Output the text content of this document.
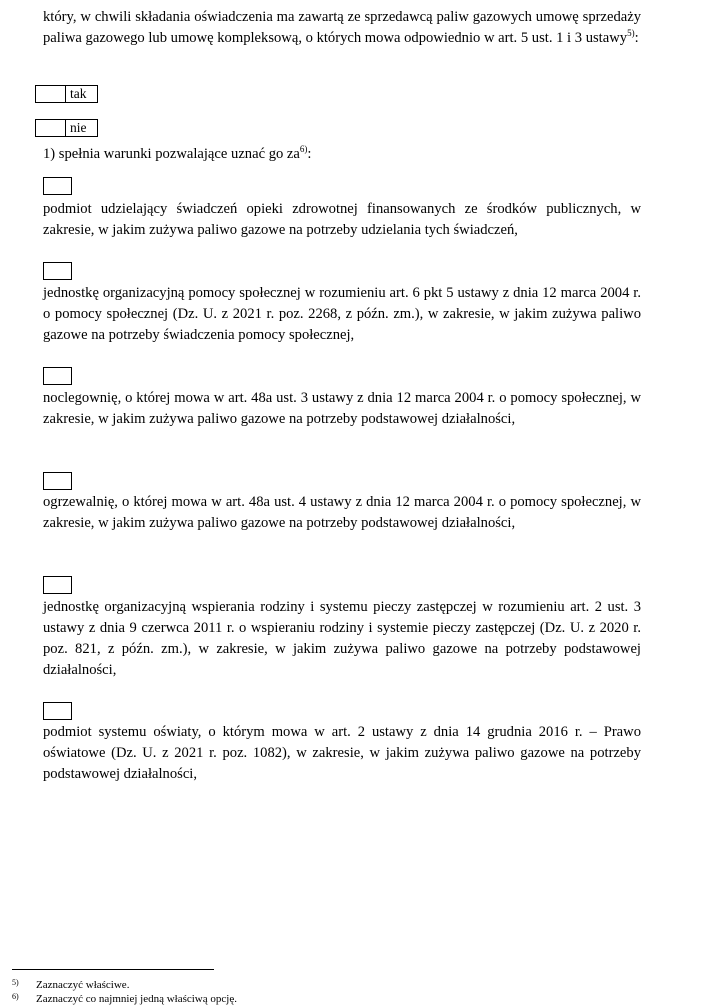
który, w chwili składania oświadczenia ma zawartą ze sprzedawcą paliw gazowych umowę sprzedaży paliwa gazowego lub umowę kompleksową, o których mowa odpowiednio w art. 5 ust. 1 i 3 ustawy$^{5)}$:
tak
nie
1) spełnia warunki pozwalające uznać go $za^{6)}$:
podmiot udzielający świadczeń opieki zdrowotnej finansowanych ze środków publicznych, w zakresie, w jakim zużywa paliwo gazowe na potrzeby udzielania tych świadczeń,
jednostkę organizacyjną pomocy społecznej w rozumieniu art. 6 pkt 5 ustawy z dnia 12 marca 2004 r. o pomocy społecznej (Dz. U. z 2021 r. poz. 2268, z późn. zm.), w zakresie, w jakim zużywa paliwo gazowe na potrzeby świadczenia pomocy społecznej,
noclegownię, o której mowa w art. 48a ust. 3 ustawy z dnia 12 marca 2004 r. o pomocy społecznej, w zakresie, w jakim zużywa paliwo gazowe na potrzeby podstawowej działalności,
ogrzewalnię, o której mowa w art. 48a ust. 4 ustawy z dnia 12 marca 2004 r. o pomocy społecznej, w zakresie, w jakim zużywa paliwo gazowe na potrzeby podstawowej działalności,
jednostkę organizacyjną wspierania rodziny i systemu pieczy zastępczej w rozumieniu art. 2 ust. 3 ustawy z dnia 9 czerwca 2011 r. o wspieraniu rodziny i systemie pieczy zastępczej (Dz. U. z 2020 r. poz. 821, z późn. zm.), w zakresie, w jakim zużywa paliwo gazowe na potrzeby podstawowej działalności,
podmiot systemu oświaty, o którym mowa w art. 2 ustawy z dnia 14 grudnia 2016 r. – Prawo oświatowe (Dz. U. z 2021 r. poz. 1082), w zakresie, w jakim zużywa paliwo gazowe na potrzeby podstawowej działalności,
5) Zaznaczyć właściwe.
6) Zaznaczyć co najmniej jedną właściwą opcję.
